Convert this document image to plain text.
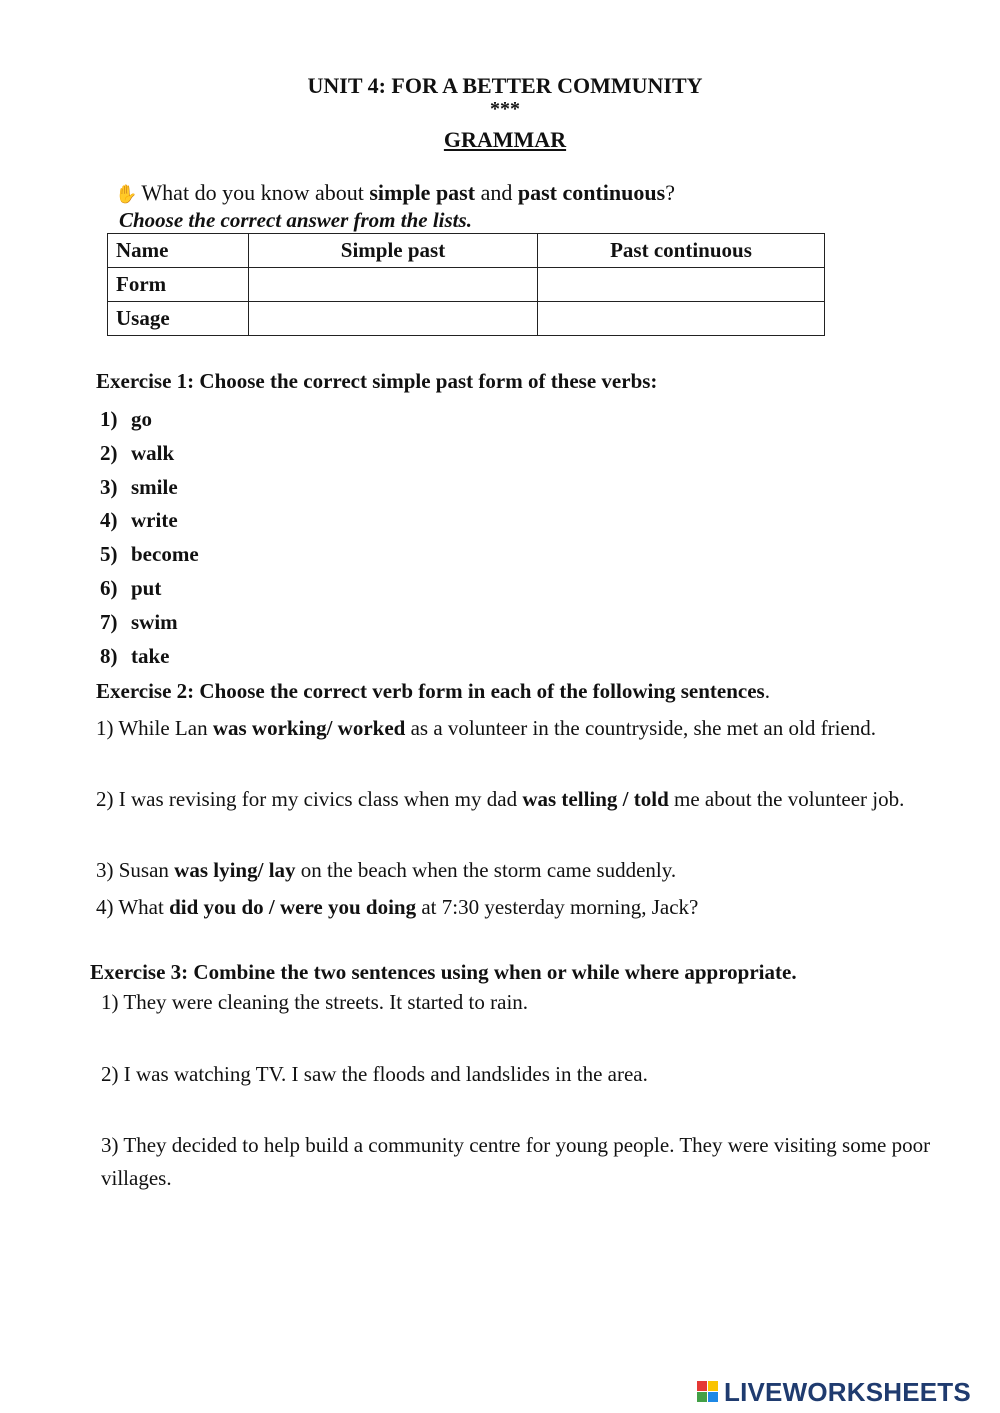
UNIT 4: FOR A BETTER COMMUNITY
***
GRAMMAR
✋ What do you know about simple past and past continuous?
Choose the correct answer from the lists.
Name	Simple past	Past continuous
Form		
Usage		
Exercise 1: Choose the correct simple past form of these verbs:
1) go
2) walk
3) smile
4) write
5) become
6) put
7) swim
8) take
Exercise 2: Choose the correct verb form in each of the following sentences.
1) While Lan was working/ worked as a volunteer in the countryside, she met an old friend.
2) I was revising for my civics class when my dad was telling / told me about the volunteer job.
3) Susan was lying/ lay on the beach when the storm came suddenly.
4) What did you do / were you doing at 7:30 yesterday morning, Jack?
Exercise 3: Combine the two sentences using when or while where appropriate.
1) They were cleaning the streets. It started to rain.
2) I was watching TV. I saw the floods and landslides in the area.
3) They decided to help build a community centre for young people. They were visiting some poor villages.
LIVEWORKSHEETS
